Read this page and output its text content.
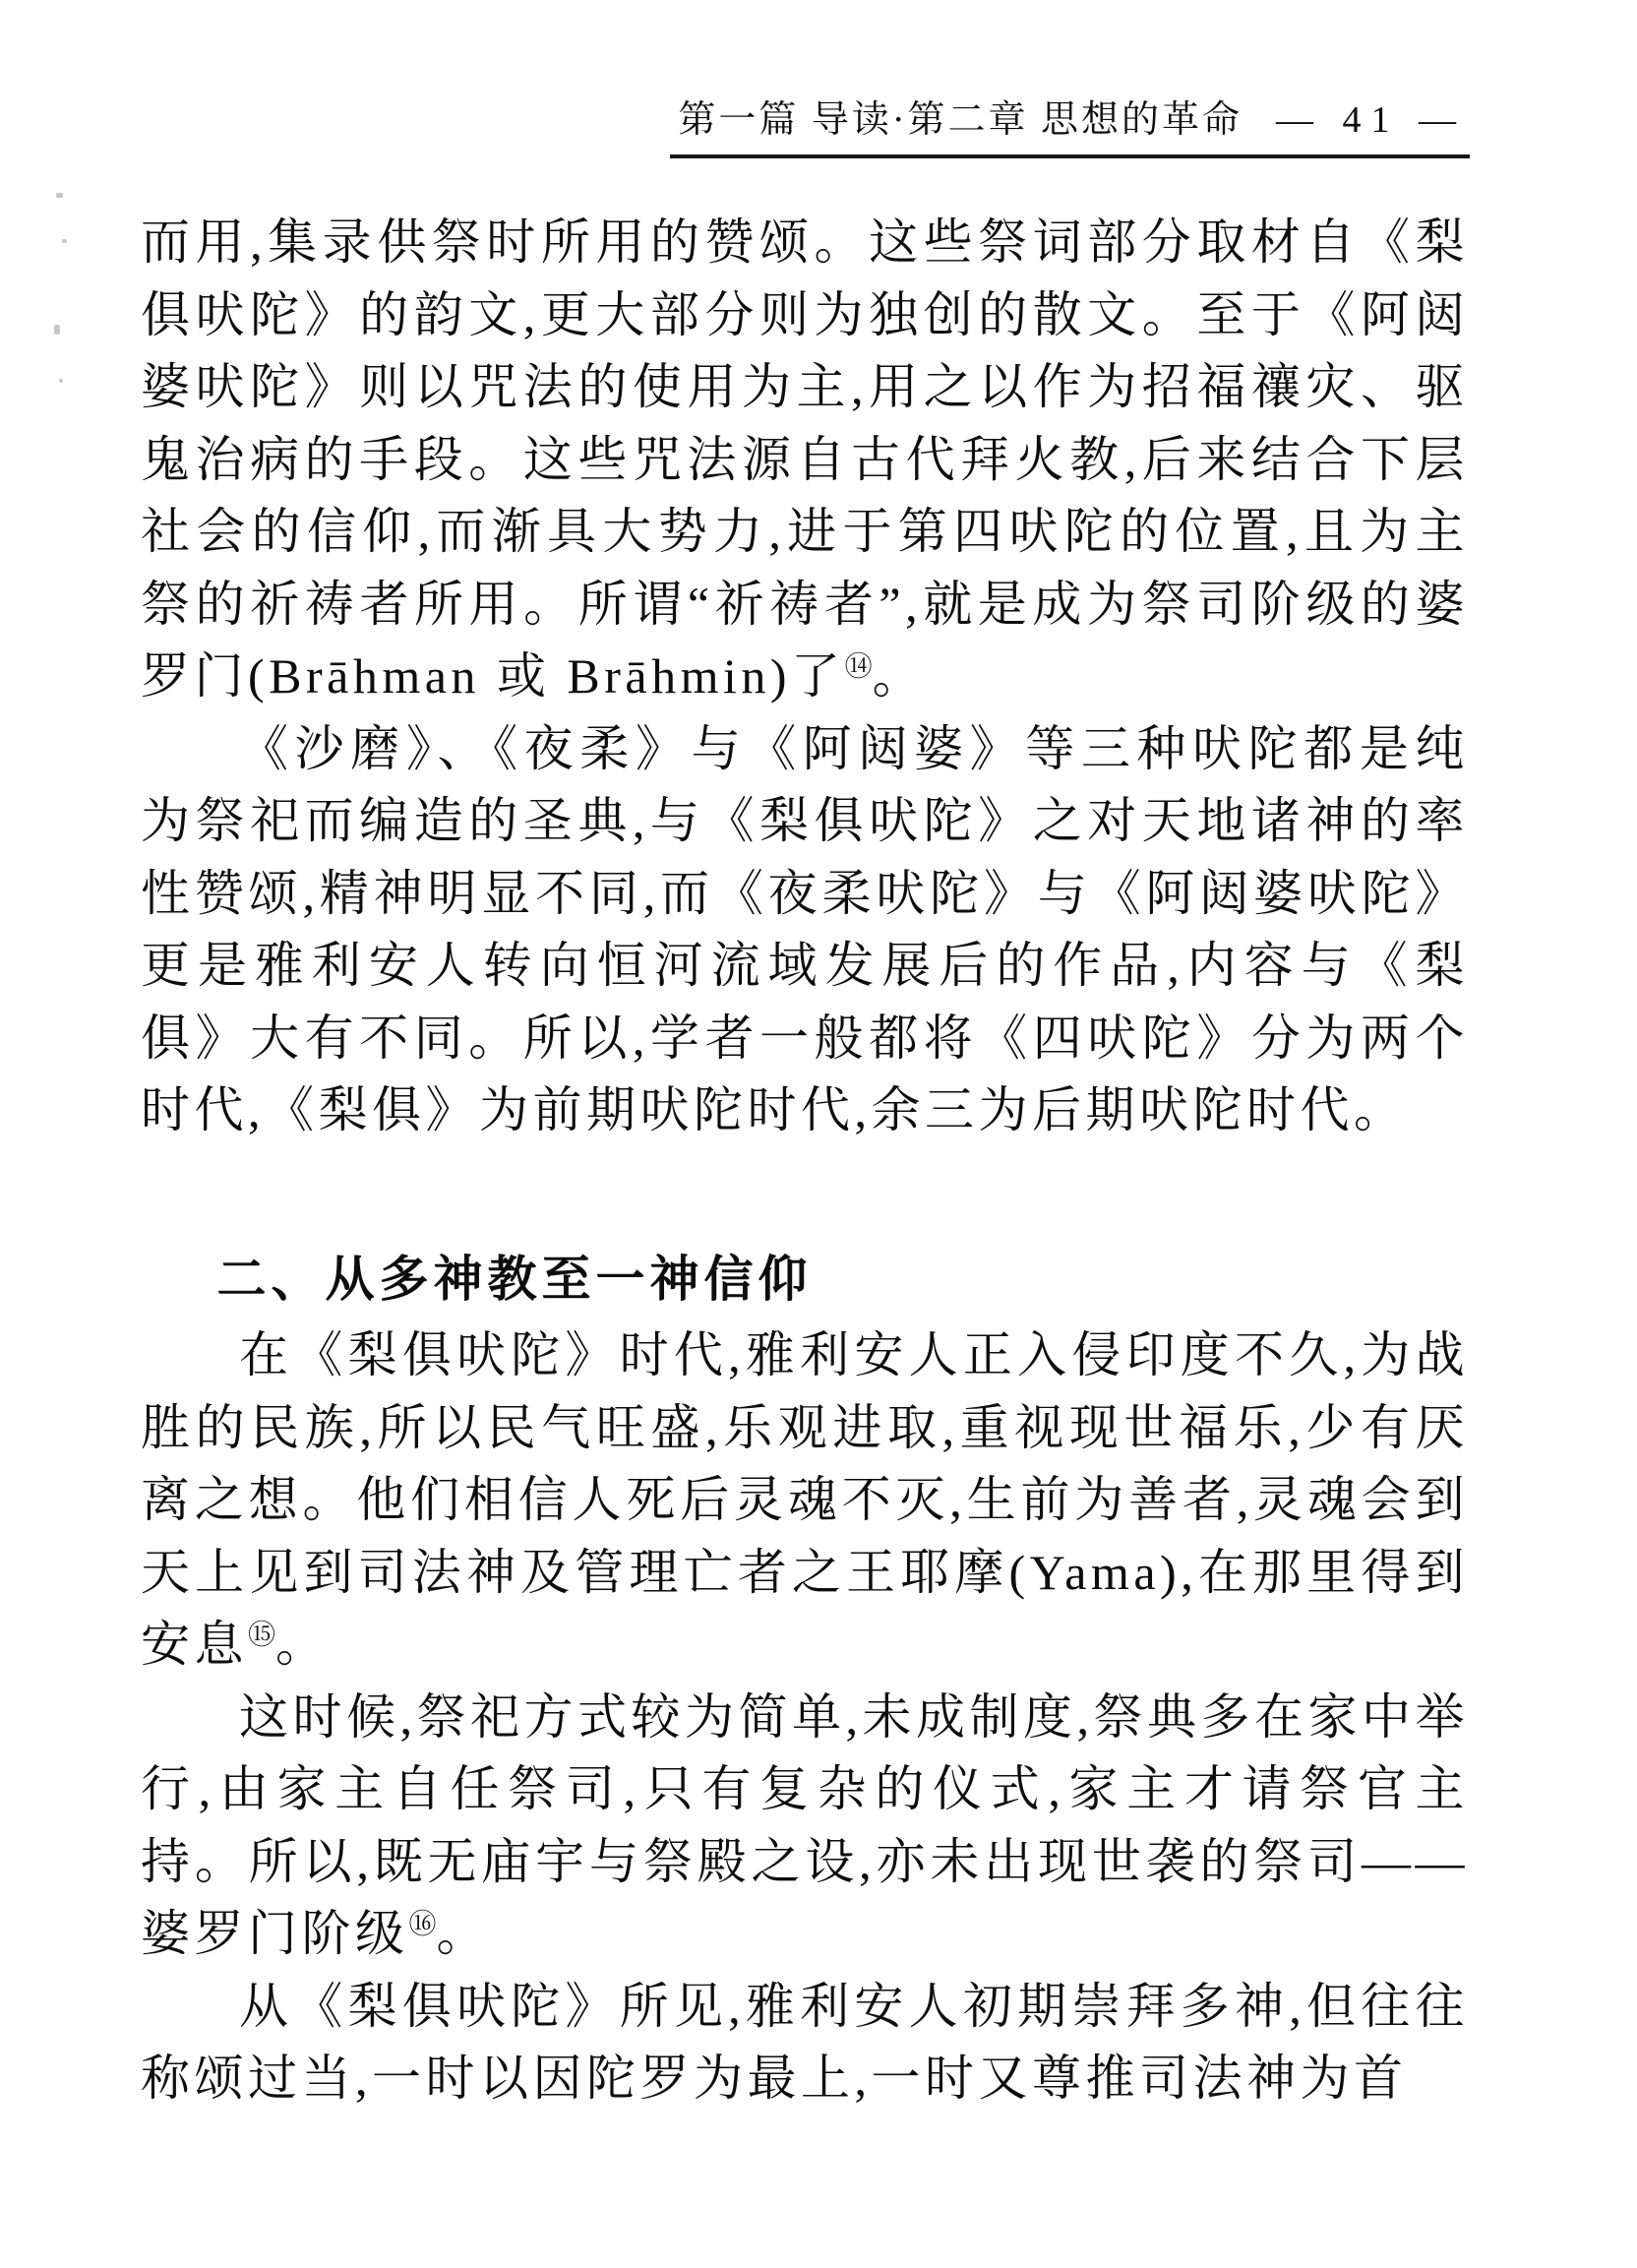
第一篇 导读·第二章 思想的革命 — 41 —

而用,集录供祭时所用的赞颂。这些祭词部分取材自《梨俱吠陀》的韵文,更大部分则为独创的散文。至于《阿闼婆吠陀》则以咒法的使用为主,用之以作为招福禳灾、驱鬼治病的手段。这些咒法源自古代拜火教,后来结合下层社会的信仰,而渐具大势力,进于第四吠陀的位置,且为主祭的祈祷者所用。所谓“祈祷者”,就是成为祭司阶级的婆罗门(Brāhman 或 Brāhmin)了⑭。

《沙磨》、《夜柔》与《阿闼婆》等三种吠陀都是纯为祭祀而编造的圣典,与《梨俱吠陀》之对天地诸神的率性赞颂,精神明显不同,而《夜柔吠陀》与《阿闼婆吠陀》更是雅利安人转向恒河流域发展后的作品,内容与《梨俱》大有不同。所以,学者一般都将《四吠陀》分为两个时代,《梨俱》为前期吠陀时代,余三为后期吠陀时代。

二、从多神教至一神信仰

在《梨俱吠陀》时代,雅利安人正入侵印度不久,为战胜的民族,所以民气旺盛,乐观进取,重视现世福乐,少有厌离之想。他们相信人死后灵魂不灭,生前为善者,灵魂会到天上见到司法神及管理亡者之王耶摩(Yama),在那里得到安息⑮。

这时候,祭祀方式较为简单,未成制度,祭典多在家中举行,由家主自任祭司,只有复杂的仪式,家主才请祭官主持。所以,既无庙宇与祭殿之设,亦未出现世袭的祭司——婆罗门阶级⑯。

从《梨俱吠陀》所见,雅利安人初期崇拜多神,但往往称颂过当,一时以因陀罗为最上,一时又尊推司法神为首
